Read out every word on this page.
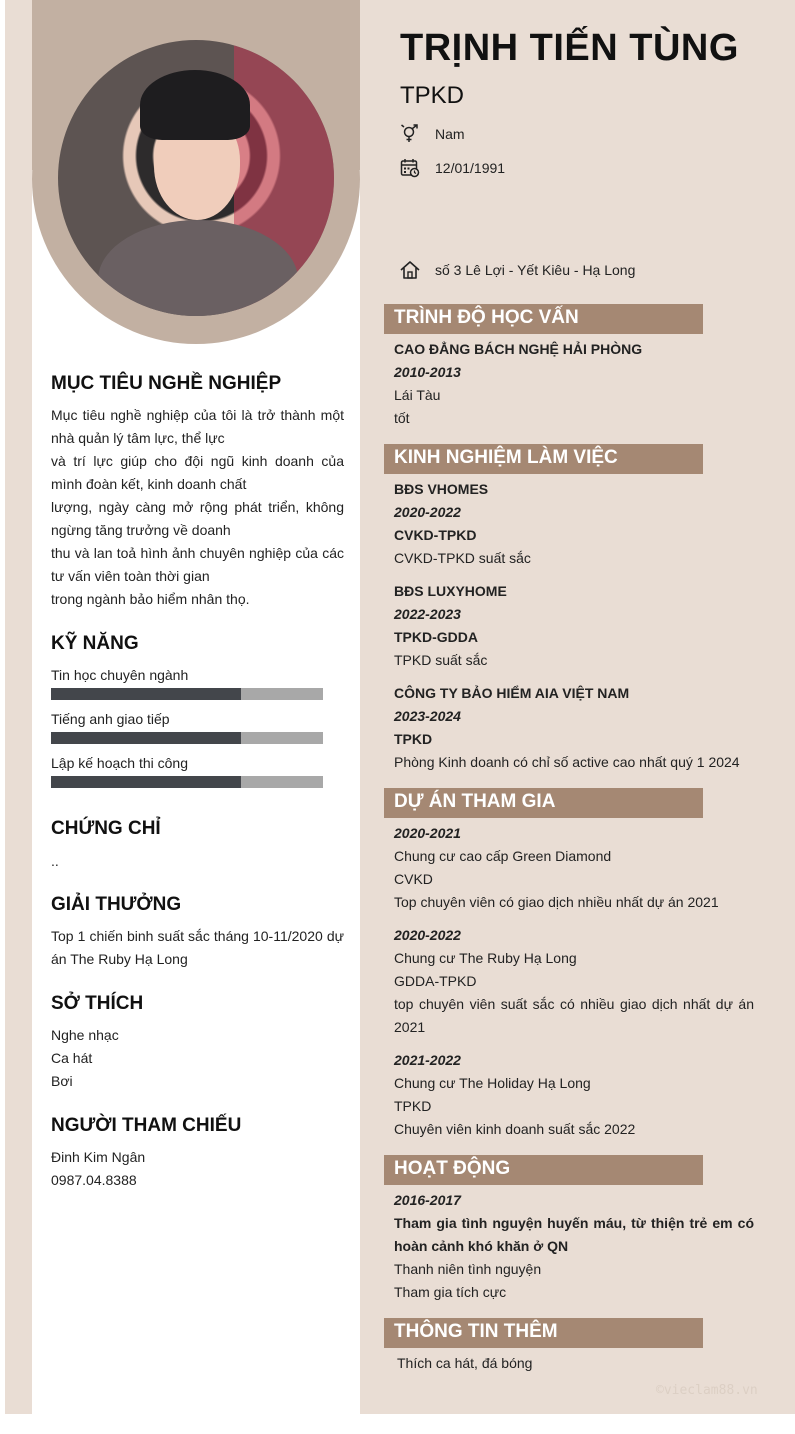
MỤC TIÊU NGHỀ NGHIỆP

Mục tiêu nghề nghiệp của tôi là trở thành một nhà quản lý tâm lực, thể lực

và trí lực giúp cho đội ngũ kinh doanh của mình đoàn kết, kinh doanh chất

lượng, ngày càng mở rộng phát triển, không ngừng tăng trưởng về doanh

thu và lan toả hình ảnh chuyên nghiệp của các tư vấn viên toàn thời gian

trong ngành bảo hiểm nhân thọ.

KỸ NĂNG
Tin học chuyên ngành
Tiếng anh giao tiếp
Lập kế hoạch thi công
CHỨNG CHỈ
..
GIẢI THƯỞNG
Top 1 chiến binh suất sắc tháng 10-11/2020 dự án The Ruby Hạ Long
SỞ THÍCH

Nghe nhạc

Ca hát

Bơi

NGƯỜI THAM CHIẾU

Đinh Kim Ngân

0987.04.8388

TRỊNH TIẾN TÙNG
TPKD
Nam
12/01/1991
số 3 Lê Lợi - Yết Kiêu - Hạ Long
TRÌNH ĐỘ HỌC VẤN
CAO ĐẲNG BÁCH NGHỆ HẢI PHÒNG
2010-2013
Lái Tàu
tốt
KINH NGHIỆM LÀM VIỆC
BĐS VHOMES
2020-2022
CVKD-TPKD
CVKD-TPKD suất sắc
BĐS LUXYHOME
2022-2023
TPKD-GDDA
TPKD suất sắc
CÔNG TY BẢO HIỂM AIA VIỆT NAM
2023-2024
TPKD
Phòng Kinh doanh có chỉ số active cao nhất quý 1 2024
DỰ ÁN THAM GIA
2020-2021
Chung cư cao cấp Green Diamond
CVKD
Top chuyên viên có giao dịch nhiều nhất dự án 2021
2020-2022
Chung cư The Ruby Hạ Long
GDDA-TPKD
top chuyên viên suất sắc có nhiều giao dịch nhất dự án 2021
2021-2022
Chung cư The Holiday Hạ Long
TPKD
Chuyên viên kinh doanh suất sắc 2022
HOẠT ĐỘNG
2016-2017
Tham gia tình nguyện huyến máu, từ thiện trẻ em có hoàn cảnh khó khăn ở QN
Thanh niên tình nguyện
Tham gia tích cực
THÔNG TIN THÊM
Thích ca hát, đá bóng
©vieclam88.vn
